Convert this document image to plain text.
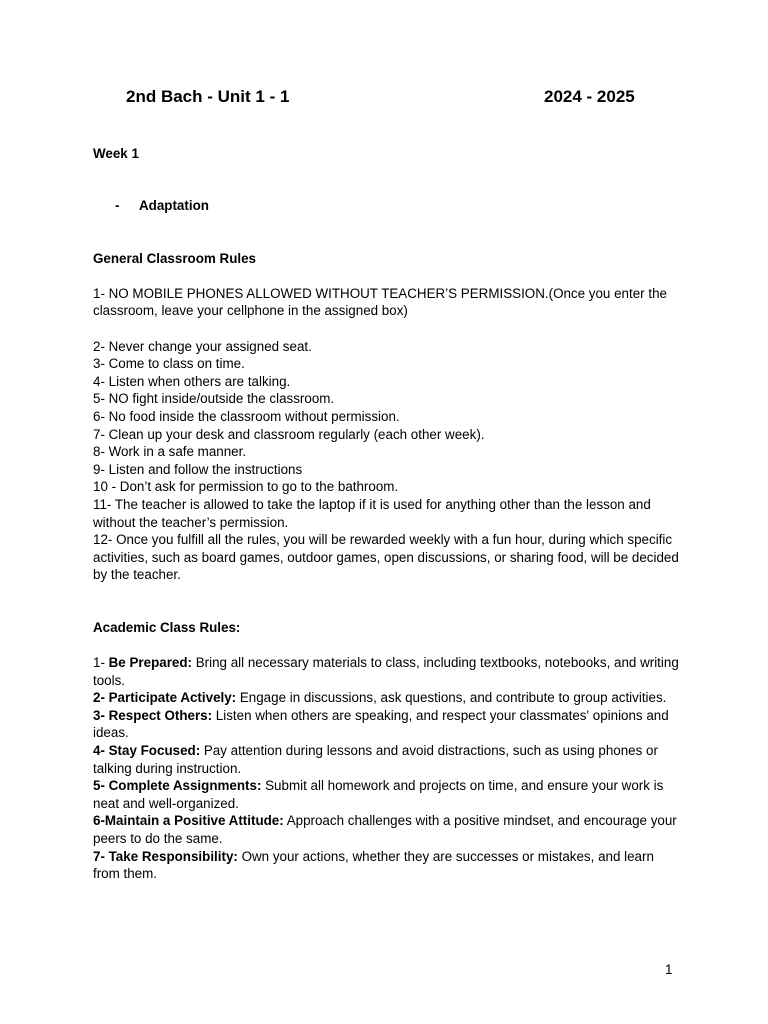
2nd Bach - Unit 1 - 1	2024 - 2025

Week 1

- Adaptation

General Classroom Rules

1- NO MOBILE PHONES ALLOWED WITHOUT TEACHER’S PERMISSION.(Once you enter the classroom, leave your cellphone in the assigned box)

2- Never change your assigned seat.

3- Come to class on time.

4- Listen when others are talking.

5- NO fight inside/outside the classroom.

6- No food inside the classroom without permission.

7- Clean up your desk and classroom regularly (each other week).

8- Work in a safe manner.

9- Listen and follow the instructions

10 - Don’t ask for permission to go to the bathroom.

11- The teacher is allowed to take the laptop if it is used for anything other than the lesson and without the teacher’s permission.

12- Once you fulfill all the rules, you will be rewarded weekly with a fun hour, during which specific activities, such as board games, outdoor games, open discussions, or sharing food, will be decided by the teacher.

Academic Class Rules:

1- Be Prepared: Bring all necessary materials to class, including textbooks, notebooks, and writing tools.

2- Participate Actively: Engage in discussions, ask questions, and contribute to group activities.

3- Respect Others: Listen when others are speaking, and respect your classmates' opinions and ideas.

4- Stay Focused: Pay attention during lessons and avoid distractions, such as using phones or talking during instruction.

5- Complete Assignments: Submit all homework and projects on time, and ensure your work is neat and well-organized.

6-Maintain a Positive Attitude: Approach challenges with a positive mindset, and encourage your peers to do the same.

7- Take Responsibility: Own your actions, whether they are successes or mistakes, and learn from them.

1
